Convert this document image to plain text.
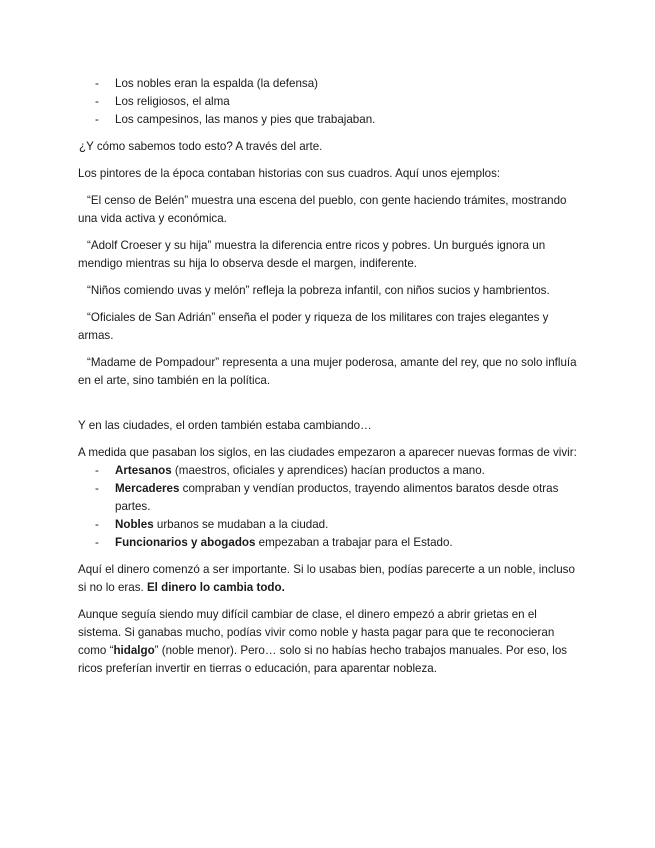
- Los nobles eran la espalda (la defensa)
- Los religiosos, el alma
- Los campesinos, las manos y pies que trabajaban.

¿Y cómo sabemos todo esto? A través del arte.

Los pintores de la época contaban historias con sus cuadros. Aquí unos ejemplos:

“El censo de Belén” muestra una escena del pueblo, con gente haciendo trámites, mostrando una vida activa y económica.

“Adolf Croeser y su hija” muestra la diferencia entre ricos y pobres. Un burgués ignora un mendigo mientras su hija lo observa desde el margen, indiferente.

“Niños comiendo uvas y melón” refleja la pobreza infantil, con niños sucios y hambrientos.

“Oficiales de San Adrián” enseña el poder y riqueza de los militares con trajes elegantes y armas.

“Madame de Pompadour” representa a una mujer poderosa, amante del rey, que no solo influía en el arte, sino también en la política.

Y en las ciudades, el orden también estaba cambiando…

A medida que pasaban los siglos, en las ciudades empezaron a aparecer nuevas formas de vivir:

- Artesanos (maestros, oficiales y aprendices) hacían productos a mano.
- Mercaderes compraban y vendían productos, trayendo alimentos baratos desde otras partes.
- Nobles urbanos se mudaban a la ciudad.
- Funcionarios y abogados empezaban a trabajar para el Estado.

Aquí el dinero comenzó a ser importante. Si lo usabas bien, podías parecerte a un noble, incluso si no lo eras. El dinero lo cambia todo.

Aunque seguía siendo muy difícil cambiar de clase, el dinero empezó a abrir grietas en el sistema. Si ganabas mucho, podías vivir como noble y hasta pagar para que te reconocieran como “hidalgo” (noble menor). Pero… solo si no habías hecho trabajos manuales. Por eso, los ricos preferían invertir en tierras o educación, para aparentar nobleza.
